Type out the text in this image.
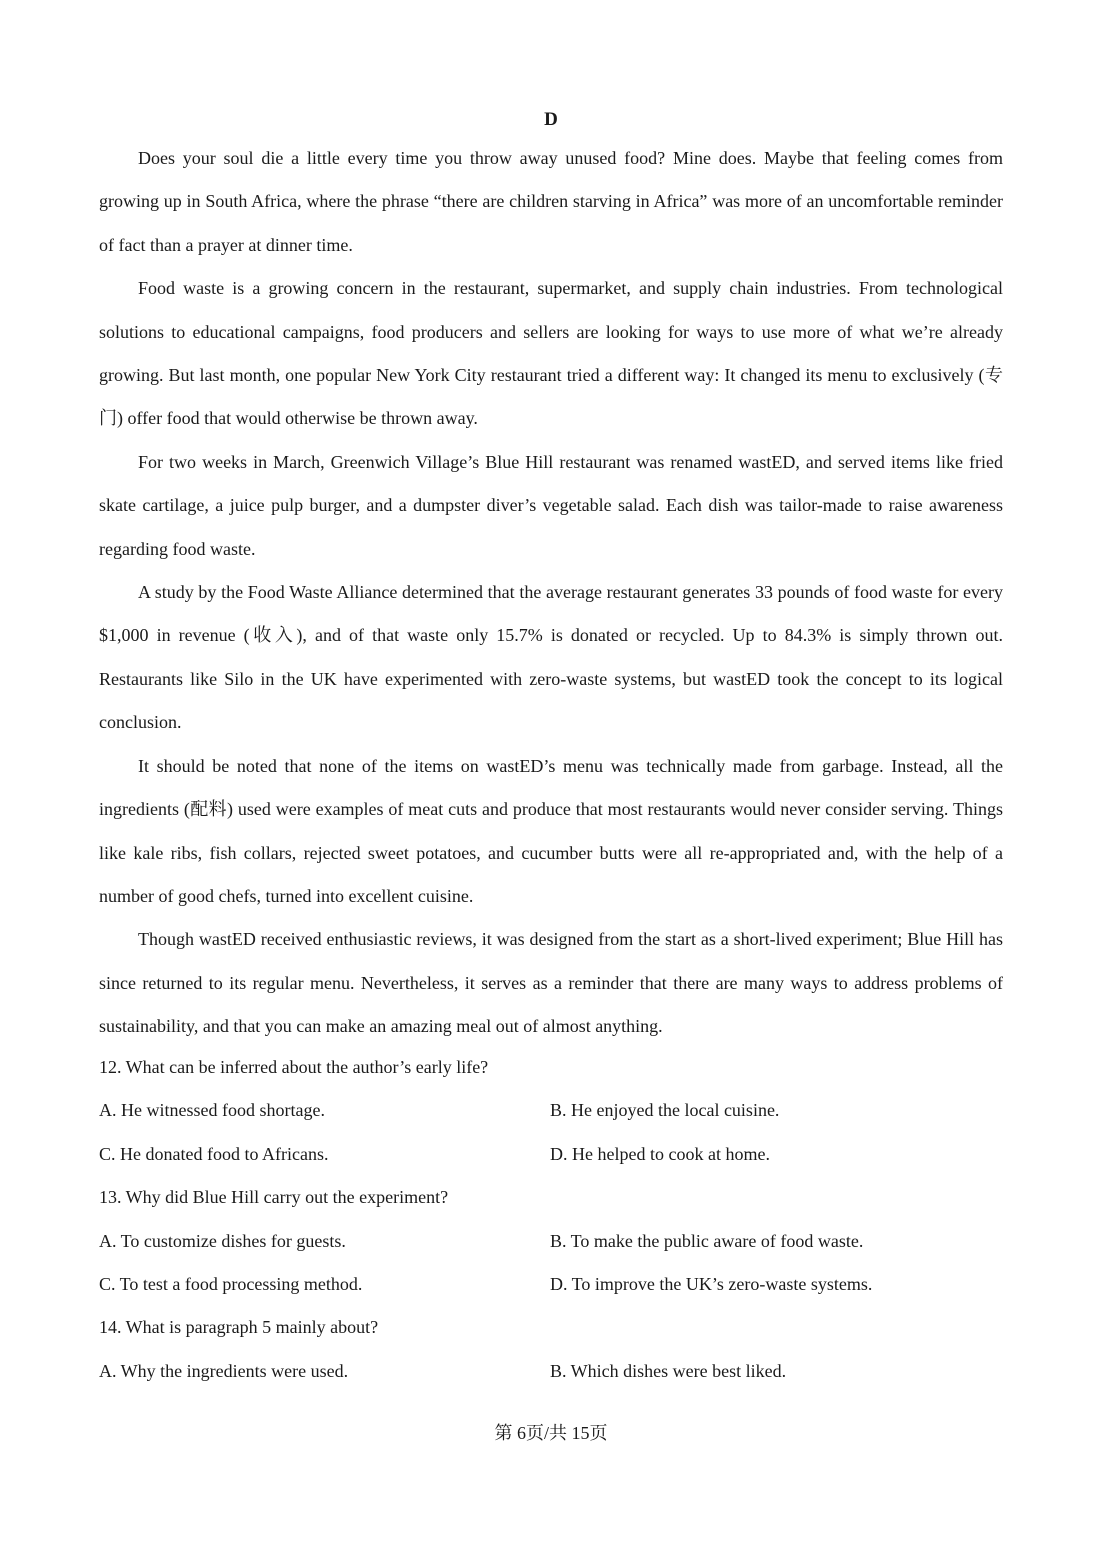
D

Does your soul die a little every time you throw away unused food? Mine does. Maybe that feeling comes from growing up in South Africa, where the phrase “there are children starving in Africa” was more of an uncomfortable reminder of fact than a prayer at dinner time.

Food waste is a growing concern in the restaurant, supermarket, and supply chain industries. From technological solutions to educational campaigns, food producers and sellers are looking for ways to use more of what we’re already growing. But last month, one popular New York City restaurant tried a different way: It changed its menu to exclusively (专门) offer food that would otherwise be thrown away.

For two weeks in March, Greenwich Village’s Blue Hill restaurant was renamed wastED, and served items like fried skate cartilage, a juice pulp burger, and a dumpster diver’s vegetable salad. Each dish was tailor-made to raise awareness regarding food waste.

A study by the Food Waste Alliance determined that the average restaurant generates 33 pounds of food waste for every $1,000 in revenue (收入), and of that waste only 15.7% is donated or recycled. Up to 84.3% is simply thrown out. Restaurants like Silo in the UK have experimented with zero-waste systems, but wastED took the concept to its logical conclusion.

It should be noted that none of the items on wastED’s menu was technically made from garbage. Instead, all the ingredients (配料) used were examples of meat cuts and produce that most restaurants would never consider serving. Things like kale ribs, fish collars, rejected sweet potatoes, and cucumber butts were all re-appropriated and, with the help of a number of good chefs, turned into excellent cuisine.

Though wastED received enthusiastic reviews, it was designed from the start as a short-lived experiment; Blue Hill has since returned to its regular menu. Nevertheless, it serves as a reminder that there are many ways to address problems of sustainability, and that you can make an amazing meal out of almost anything.

12. What can be inferred about the author’s early life?
A. He witnessed food shortage.	B. He enjoyed the local cuisine.
C. He donated food to Africans.	D. He helped to cook at home.
13. Why did Blue Hill carry out the experiment?
A. To customize dishes for guests.	B. To make the public aware of food waste.
C. To test a food processing method.	D. To improve the UK’s zero-waste systems.
14. What is paragraph 5 mainly about?
A. Why the ingredients were used.	B. Which dishes were best liked.
第 6页/共 15页
